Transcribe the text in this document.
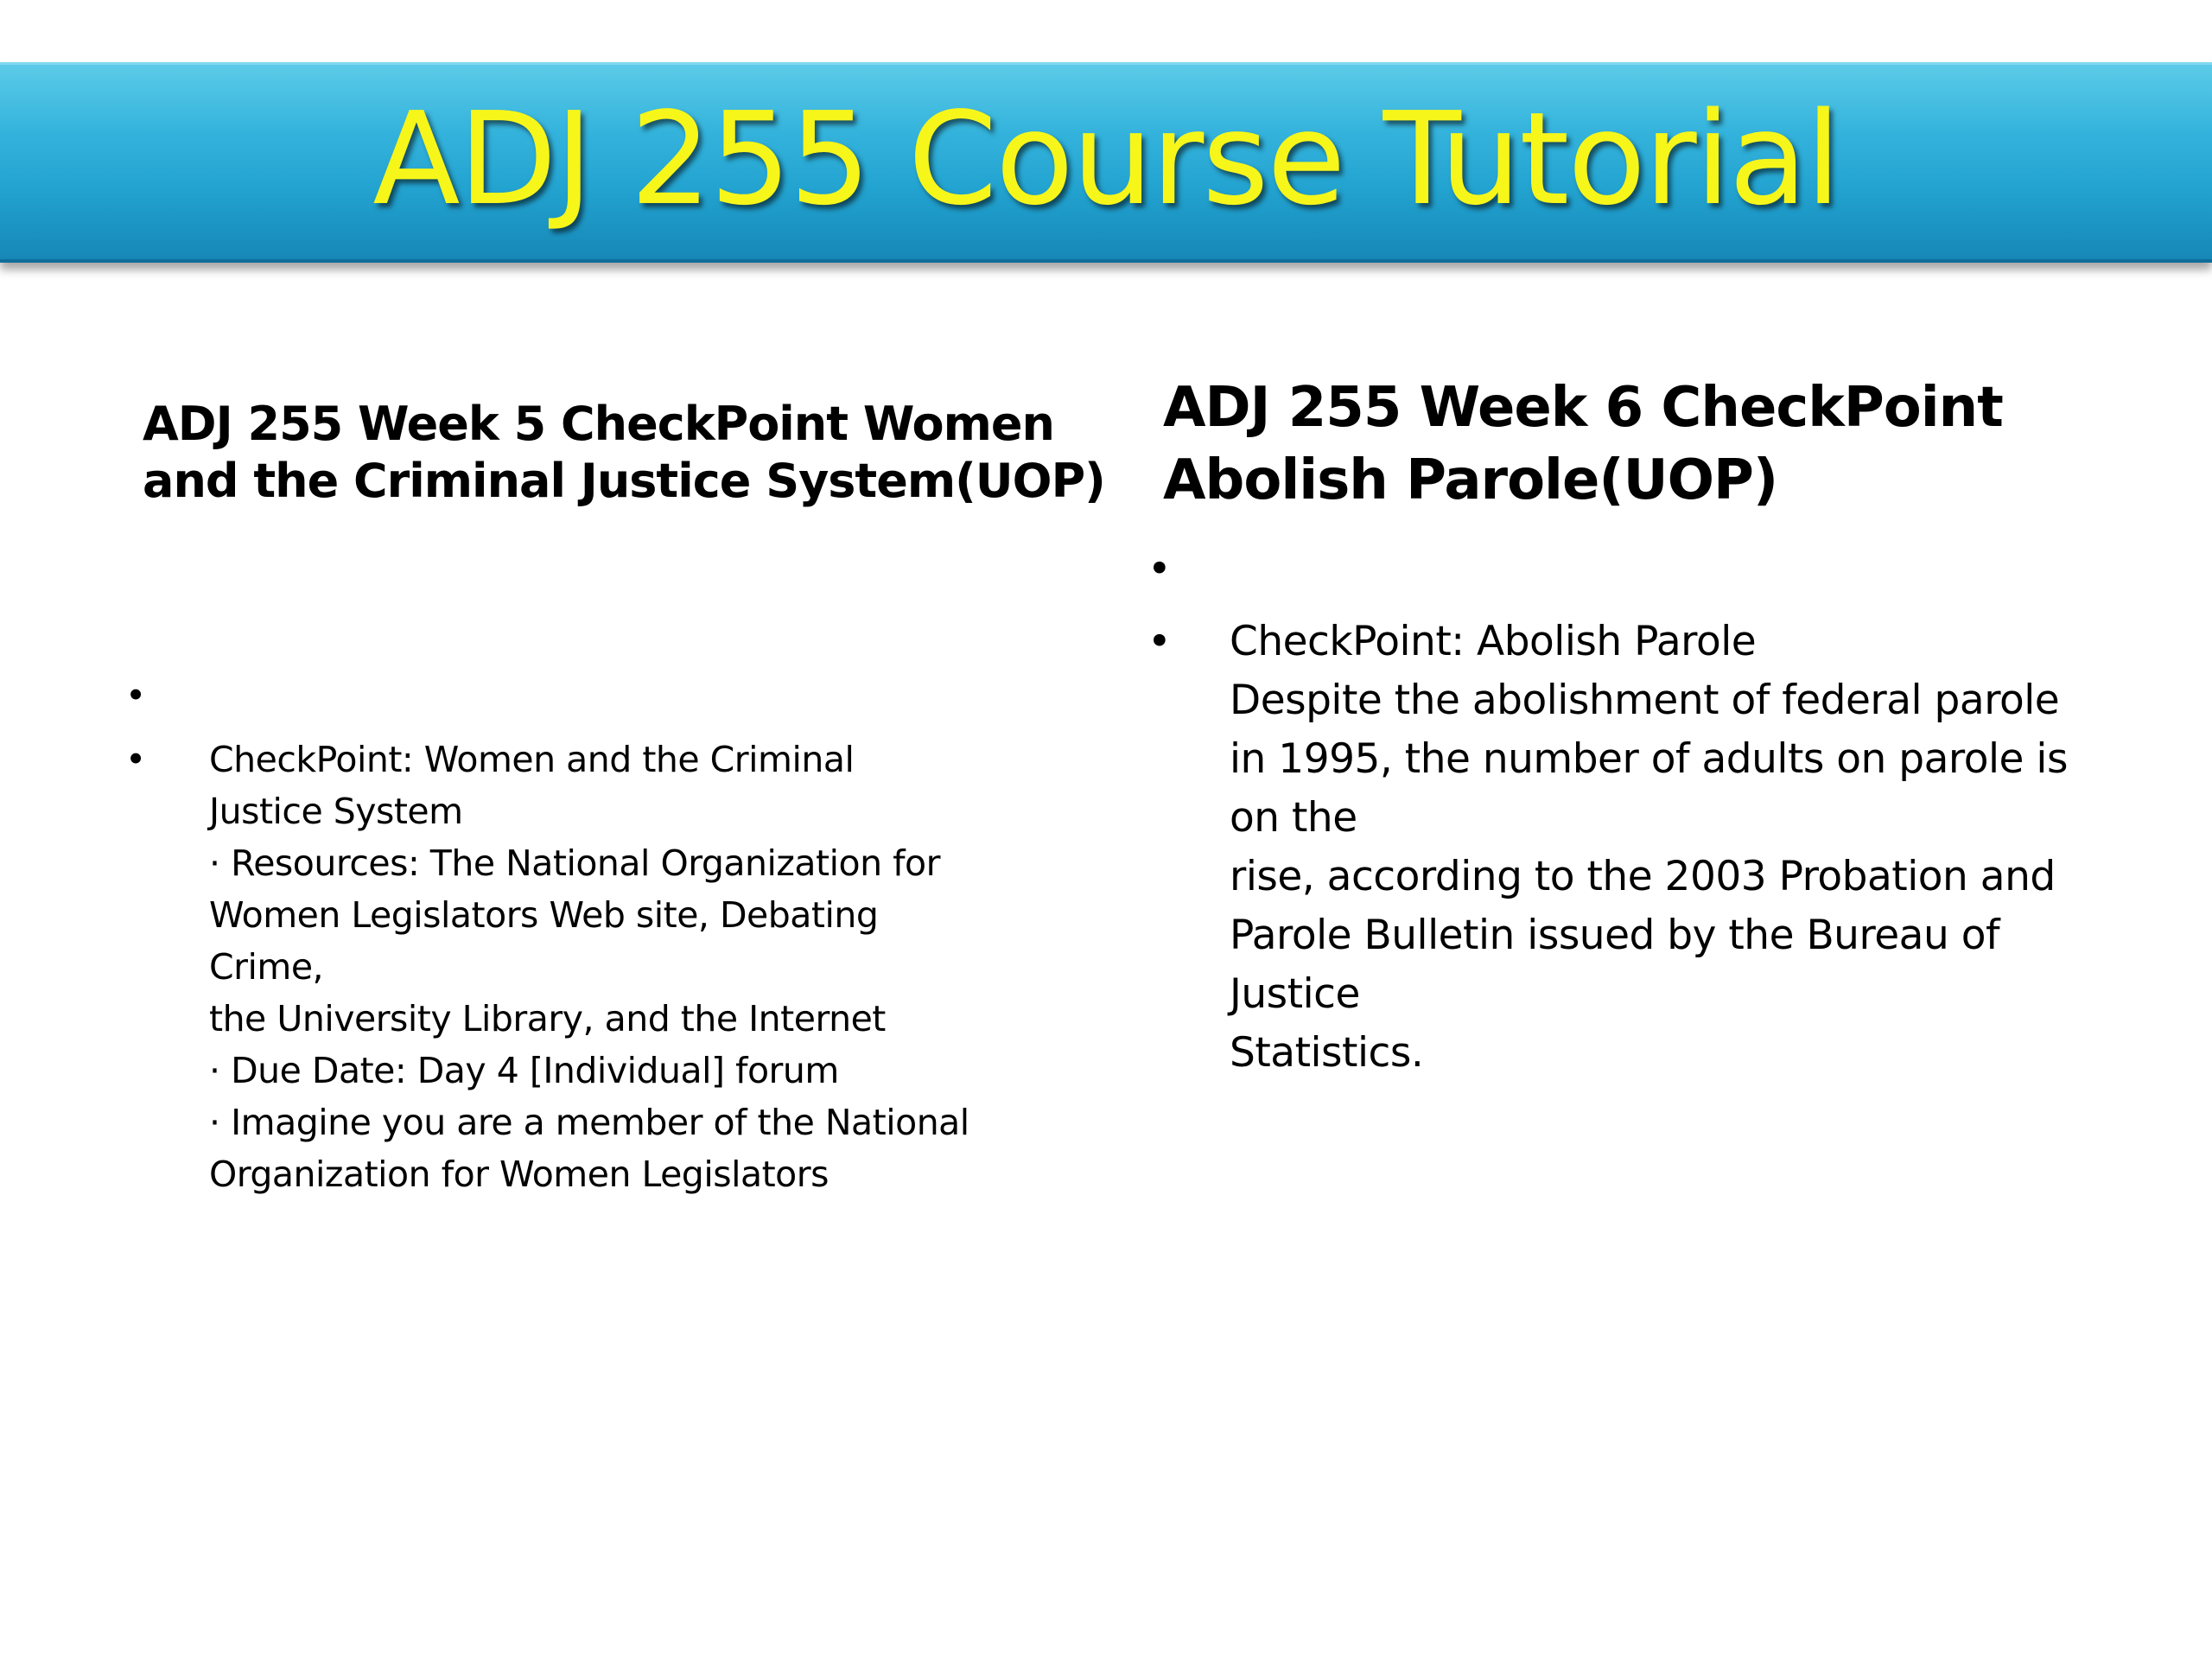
ADJ 255 Course Tutorial
ADJ 255 Week 5 CheckPoint Women
and the Criminal Justice System(UOP)
•
• CheckPoint: Women and the Criminal
Justice System
· Resources: The National Organization for
Women Legislators Web site, Debating
Crime,
the University Library, and the Internet
· Due Date: Day 4 [Individual] forum
· Imagine you are a member of the National
Organization for Women Legislators
ADJ 255 Week 6 CheckPoint
Abolish Parole(UOP)
•
• CheckPoint: Abolish Parole
Despite the abolishment of federal parole
in 1995, the number of adults on parole is
on the
rise, according to the 2003 Probation and
Parole Bulletin issued by the Bureau of
Justice
Statistics.
